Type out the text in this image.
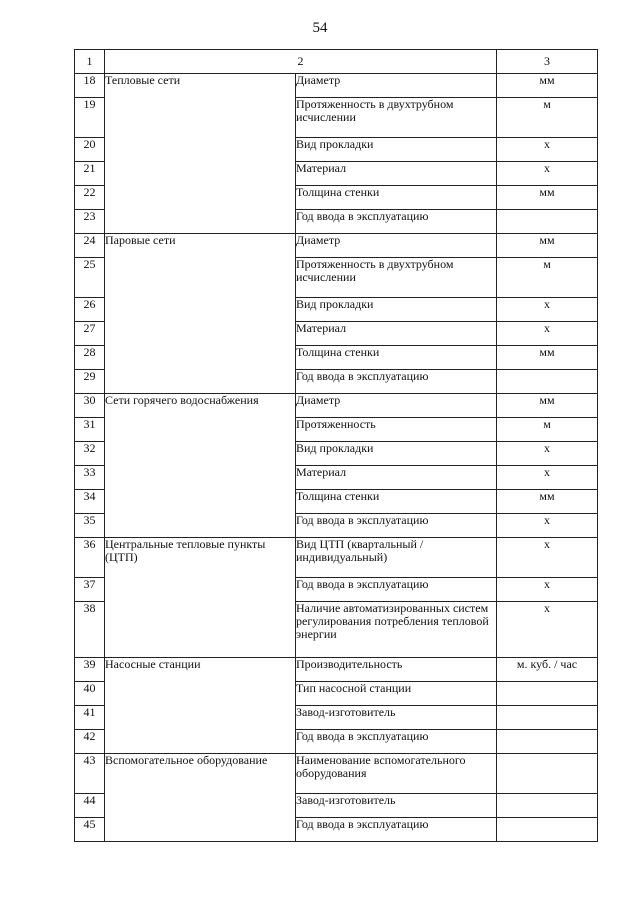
54
1	2		3
18	Тепловые сети	Диаметр	мм
19		Протяженность в двухтрубном исчислении	м
20		Вид прокладки	х
21		Материал	х
22		Толщина стенки	мм
23		Год ввода в эксплуатацию	
24	Паровые сети	Диаметр	мм
25		Протяженность в двухтрубном исчислении	м
26		Вид прокладки	х
27		Материал	х
28		Толщина стенки	мм
29		Год ввода в эксплуатацию	
30	Сети горячего водоснабжения	Диаметр	мм
31		Протяженность	м
32		Вид прокладки	х
33		Материал	х
34		Толщина стенки	мм
35		Год ввода в эксплуатацию	х
36	Центральные тепловые пункты (ЦТП)	Вид ЦТП (квартальный / индивидуальный)	х
37		Год ввода в эксплуатацию	х
38		Наличие автоматизированных систем регулирования потребления тепловой энергии	х
39	Насосные станции	Производительность	м. куб. / час
40		Тип насосной станции	
41		Завод-изготовитель	
42		Год ввода в эксплуатацию	
43	Вспомогательное оборудование	Наименование вспомогательного оборудования	
44		Завод-изготовитель	
45		Год ввода в эксплуатацию	
